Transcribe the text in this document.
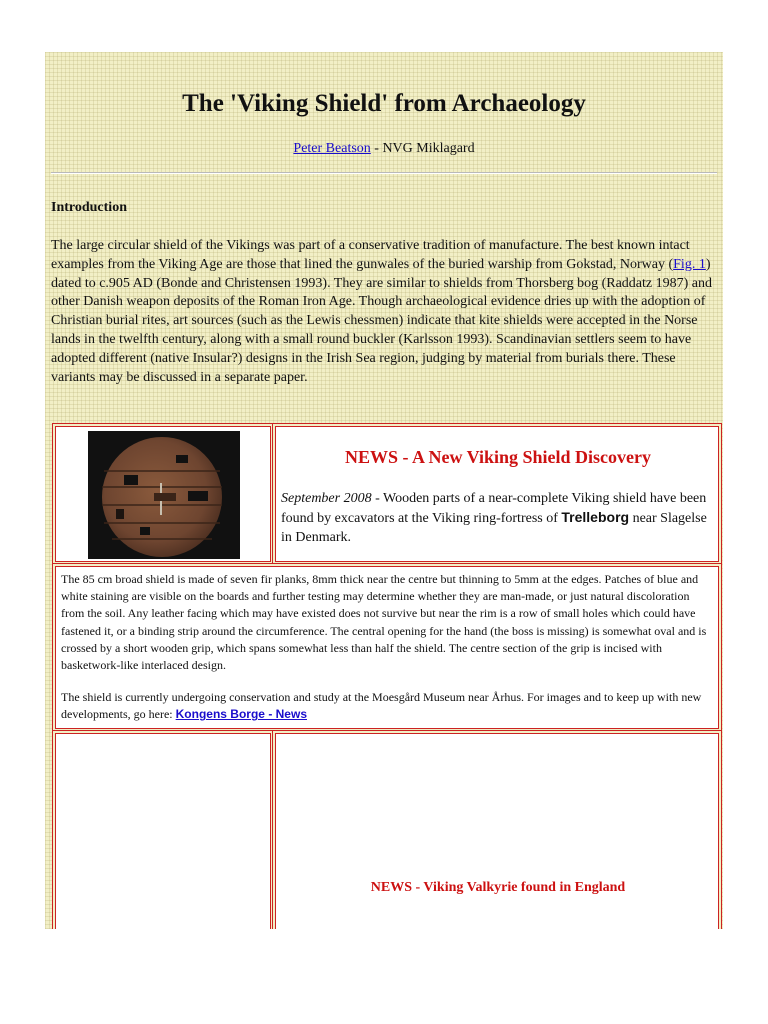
The 'Viking Shield' from Archaeology
Peter Beatson - NVG Miklagard
Introduction
The large circular shield of the Vikings was part of a conservative tradition of manufacture. The best known intact examples from the Viking Age are those that lined the gunwales of the buried warship from Gokstad, Norway (Fig. 1) dated to c.905 AD (Bonde and Christensen 1993). They are similar to shields from Thorsberg bog (Raddatz 1987) and other Danish weapon deposits of the Roman Iron Age. Though archaeological evidence dries up with the adoption of Christian burial rites, art sources (such as the Lewis chessmen) indicate that kite shields were accepted in the Norse lands in the twelfth century, along with a small round buckler (Karlsson 1993). Scandinavian settlers seem to have adopted different (native Insular?) designs in the Irish Sea region, judging by material from burials there. These variants may be discussed in a separate paper.
NEWS - A New Viking Shield Discovery
September 2008 - Wooden parts of a near-complete Viking shield have been found by excavators at the Viking ring-fortress of Trelleborg near Slagelse in Denmark.
The 85 cm broad shield is made of seven fir planks, 8mm thick near the centre but thinning to 5mm at the edges. Patches of blue and white staining are visible on the boards and further testing may determine whether they are man-made, or just natural discoloration from the soil. Any leather facing which may have existed does not survive but near the rim is a row of small holes which could have fastened it, or a binding strip around the circumference. The central opening for the hand (the boss is missing) is somewhat oval and is crossed by a short wooden grip, which spans somewhat less than half the shield. The centre section of the grip is incised with basketwork-like interlaced design.
The shield is currently undergoing conservation and study at the Moesgård Museum near Århus. For images and to keep up with new developments, go here: Kongens Borge - News
NEWS - Viking Valkyrie found in England
